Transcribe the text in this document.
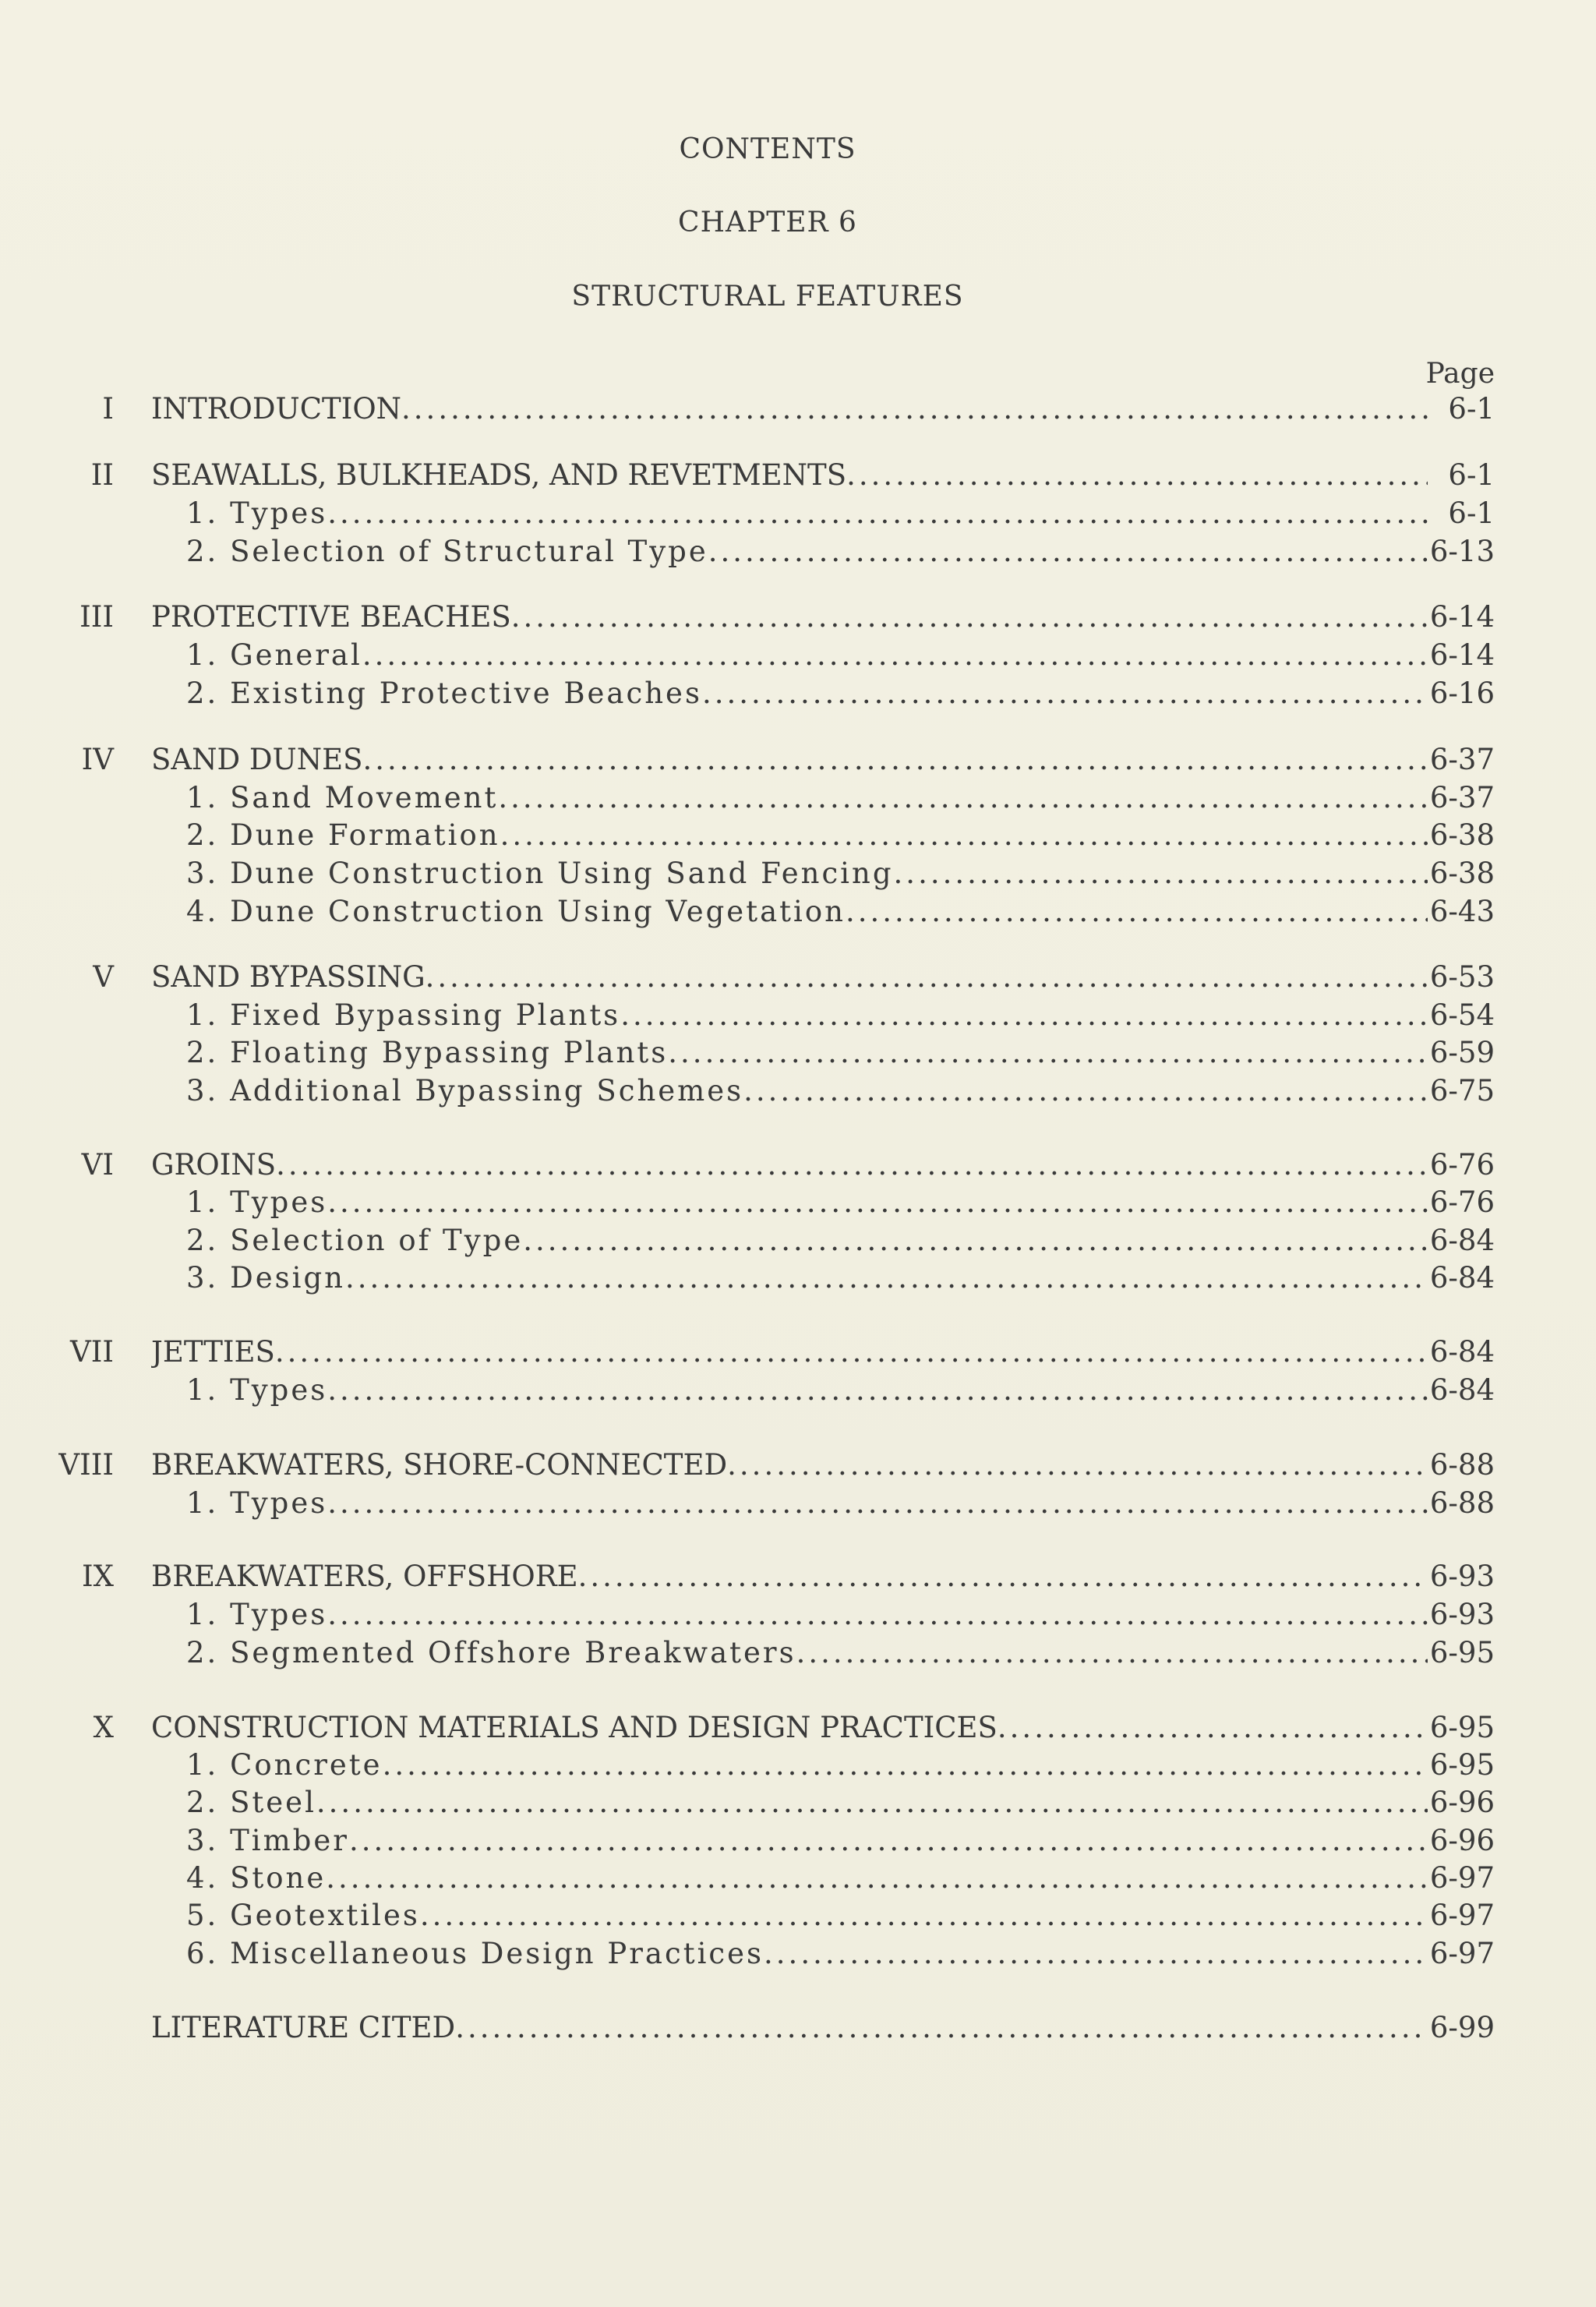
CONTENTS
CHAPTER 6
STRUCTURAL FEATURES
Page
I INTRODUCTION .....	6-1
II SEAWALLS, BULKHEADS, AND REVETMENTS .....	6-1
1. Types .....	6-1
2. Selection of Structural Type .....	6-13
III PROTECTIVE BEACHES .....	6-14
1. General .....	6-14
2. Existing Protective Beaches .....	6-16
IV SAND DUNES .....	6-37
1. Sand Movement .....	6-37
2. Dune Formation .....	6-38
3. Dune Construction Using Sand Fencing .....	6-38
4. Dune Construction Using Vegetation .....	6-43
V SAND BYPASSING .....	6-53
1. Fixed Bypassing Plants .....	6-54
2. Floating Bypassing Plants .....	6-59
3. Additional Bypassing Schemes .....	6-75
VI GROINS .....	6-76
1. Types .....	6-76
2. Selection of Type .....	6-84
3. Design .....	6-84
VII JETTIES .....	6-84
1. Types .....	6-84
VIII BREAKWATERS, SHORE-CONNECTED .....	6-88
1. Types .....	6-88
IX BREAKWATERS, OFFSHORE .....	6-93
1. Types .....	6-93
2. Segmented Offshore Breakwaters .....	6-95
X CONSTRUCTION MATERIALS AND DESIGN PRACTICES .....	6-95
1. Concrete .....	6-95
2. Steel .....	6-96
3. Timber .....	6-96
4. Stone .....	6-97
5. Geotextiles .....	6-97
6. Miscellaneous Design Practices .....	6-97
LITERATURE CITED .....	6-99
